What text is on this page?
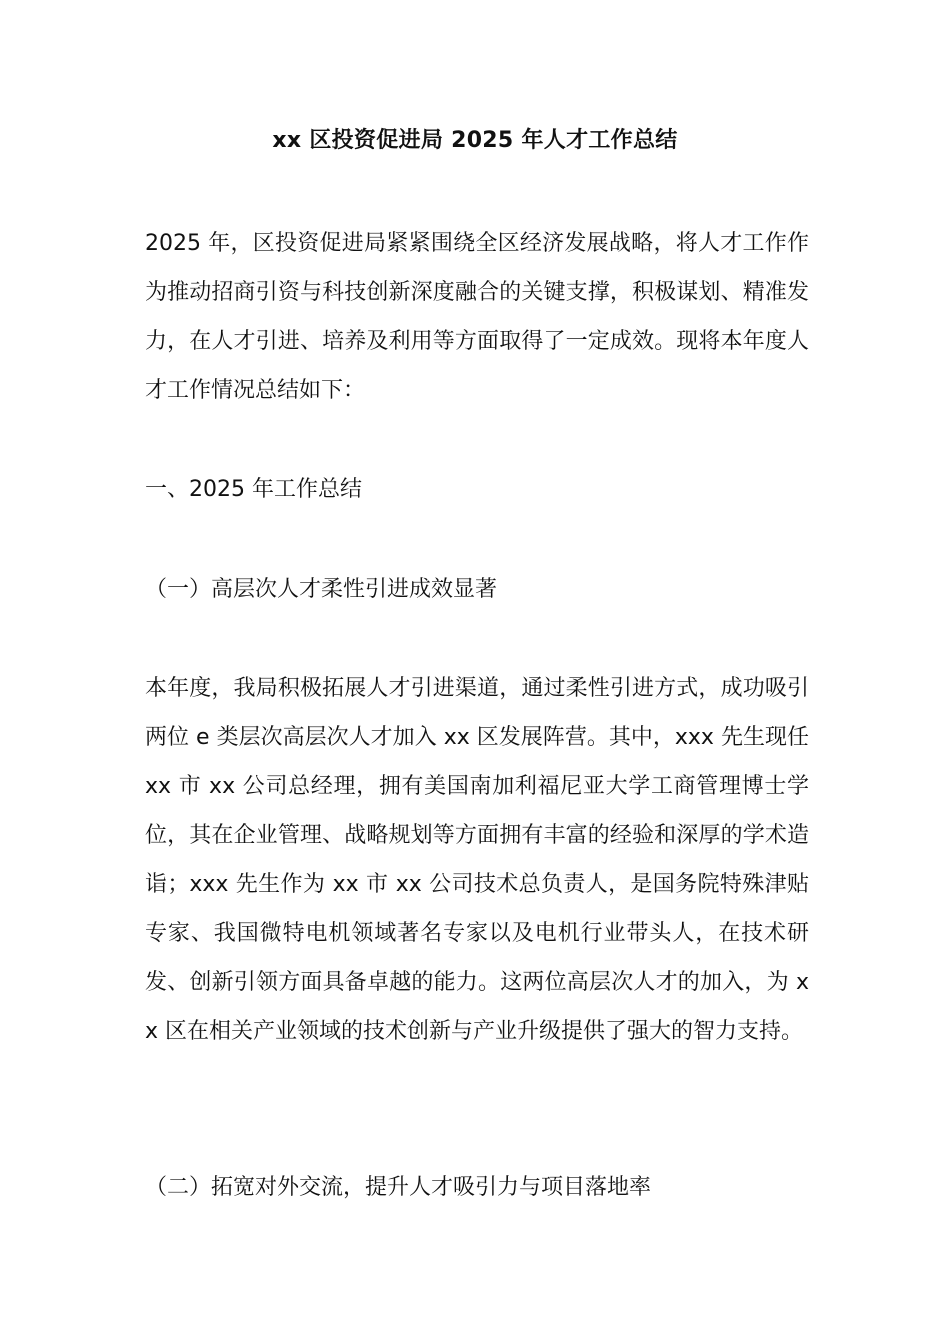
xx 区投资促进局 2025 年人才工作总结

2025 年，区投资促进局紧紧围绕全区经济发展战略，将人才工作作为推动招商引资与科技创新深度融合的关键支撑，积极谋划、精准发力，在人才引进、培养及利用等方面取得了一定成效。现将本年度人才工作情况总结如下：

一、2025 年工作总结

（一）高层次人才柔性引进成效显著

本年度，我局积极拓展人才引进渠道，通过柔性引进方式，成功吸引两位 e 类层次高层次人才加入 xx 区发展阵营。其中，xxx 先生现任 xx 市 xx 公司总经理，拥有美国南加利福尼亚大学工商管理博士学位，其在企业管理、战略规划等方面拥有丰富的经验和深厚的学术造诣；xxx 先生作为 xx 市 xx 公司技术总负责人，是国务院特殊津贴专家、我国微特电机领域著名专家以及电机行业带头人，在技术研发、创新引领方面具备卓越的能力。这两位高层次人才的加入，为 xx 区在相关产业领域的技术创新与产业升级提供了强大的智力支持。

（二）拓宽对外交流，提升人才吸引力与项目落地率
